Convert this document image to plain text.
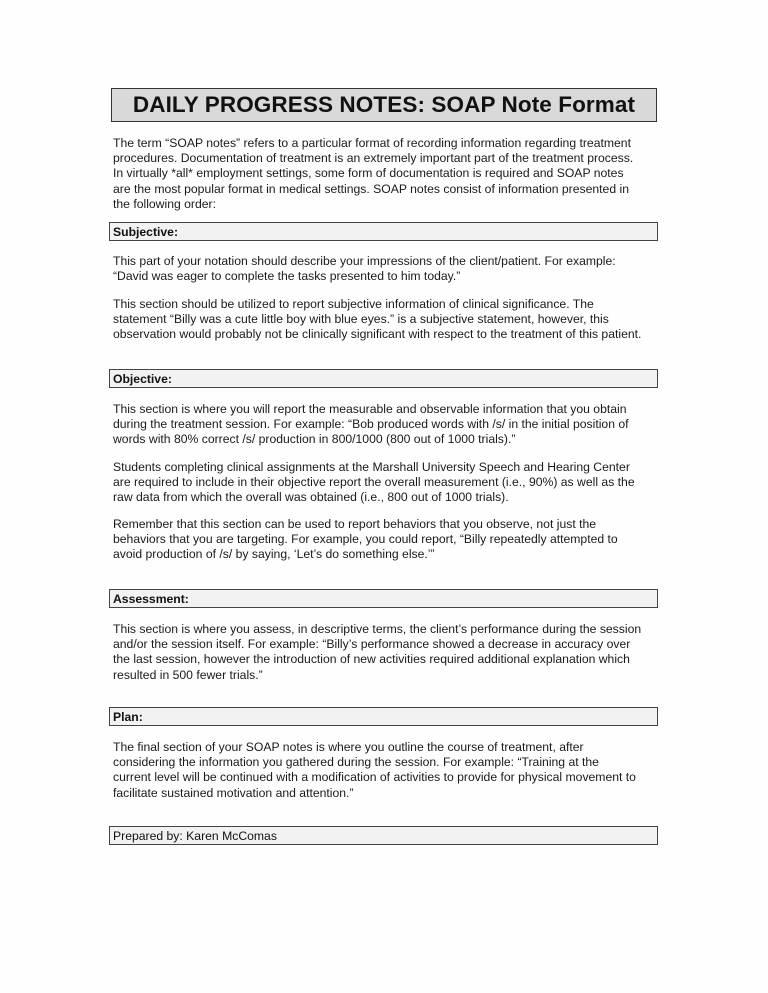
DAILY PROGRESS NOTES: SOAP Note Format

The term “SOAP notes” refers to a particular format of recording information regarding treatment
procedures. Documentation of treatment is an extremely important part of the treatment process.
In virtually *all* employment settings, some form of documentation is required and SOAP notes
are the most popular format in medical settings. SOAP notes consist of information presented in
the following order:

Subjective:

This part of your notation should describe your impressions of the client/patient. For example:
“David was eager to complete the tasks presented to him today.”

This section should be utilized to report subjective information of clinical significance. The
statement “Billy was a cute little boy with blue eyes.” is a subjective statement, however, this
observation would probably not be clinically significant with respect to the treatment of this patient.

Objective:

This section is where you will report the measurable and observable information that you obtain
during the treatment session. For example: “Bob produced words with /s/ in the initial position of
words with 80% correct /s/ production in 800/1000 (800 out of 1000 trials).”

Students completing clinical assignments at the Marshall University Speech and Hearing Center
are required to include in their objective report the overall measurement (i.e., 90%) as well as the
raw data from which the overall was obtained (i.e., 800 out of 1000 trials).

Remember that this section can be used to report behaviors that you observe, not just the
behaviors that you are targeting. For example, you could report, “Billy repeatedly attempted to
avoid production of /s/ by saying, ‘Let’s do something else.’”

Assessment:

This section is where you assess, in descriptive terms, the client’s performance during the session
and/or the session itself. For example: “Billy’s performance showed a decrease in accuracy over
the last session, however the introduction of new activities required additional explanation which
resulted in 500 fewer trials.”

Plan:

The final section of your SOAP notes is where you outline the course of treatment, after
considering the information you gathered during the session. For example: “Training at the
current level will be continued with a modification of activities to provide for physical movement to
facilitate sustained motivation and attention.”

Prepared by: Karen McComas
